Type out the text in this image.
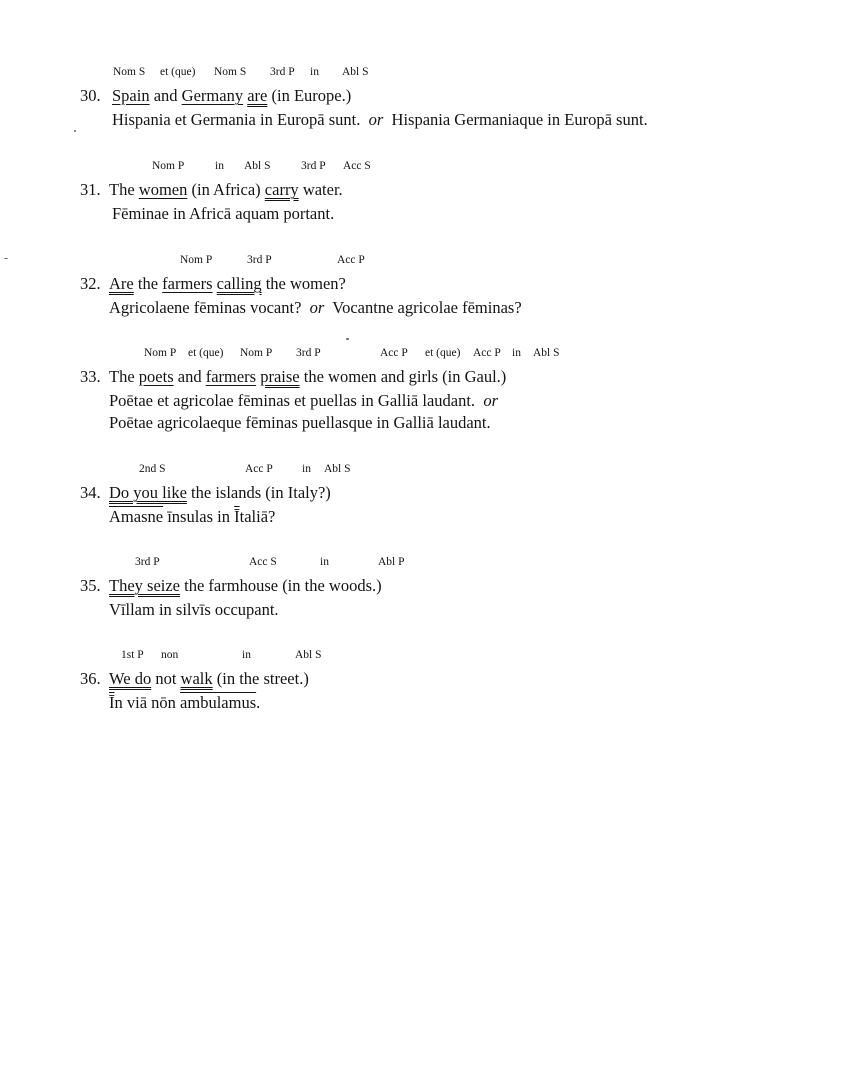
Nom S et (que) Nom S 3rd P in Abl S
30. Spain and Germany are (in Europe.)
Hispania et Germania in Europā sunt. or Hispania Germaniaque in Europā sunt.
Nom P	in Abl S	3rd P Acc S
31. The women (in Africa) carry water.
Fēminae in Africā aquam portant.
Nom P	3rd P	Acc P
32. Are the farmers calling the women?
Agricolaene fēminas vocant? or Vocantne agricolae fēminas?
Nom P et (que) Nom P 3rd P	Acc P et (que) Acc P in Abl S
33. The poets and farmers praise the women and girls (in Gaul.)
Poētae et agricolae fēminas et puellas in Galliā laudant. or
Poētae agricolaeque fēminas puellasque in Galliā laudant.
2nd S	Acc P	in Abl S
34. Do you like the islands (in Italy?)
Amasne īnsulas in $\overline{Ī}taliā$?
3rd P	Acc S	in	Abl P
35. They seize the farmhouse (in the woods.)
Vīllam in silvīs occupant.
1st P non	in	Abl S
36. We do not walk (in the street.)
$\overline{Ī}n$ viā nōn ambulamus.
